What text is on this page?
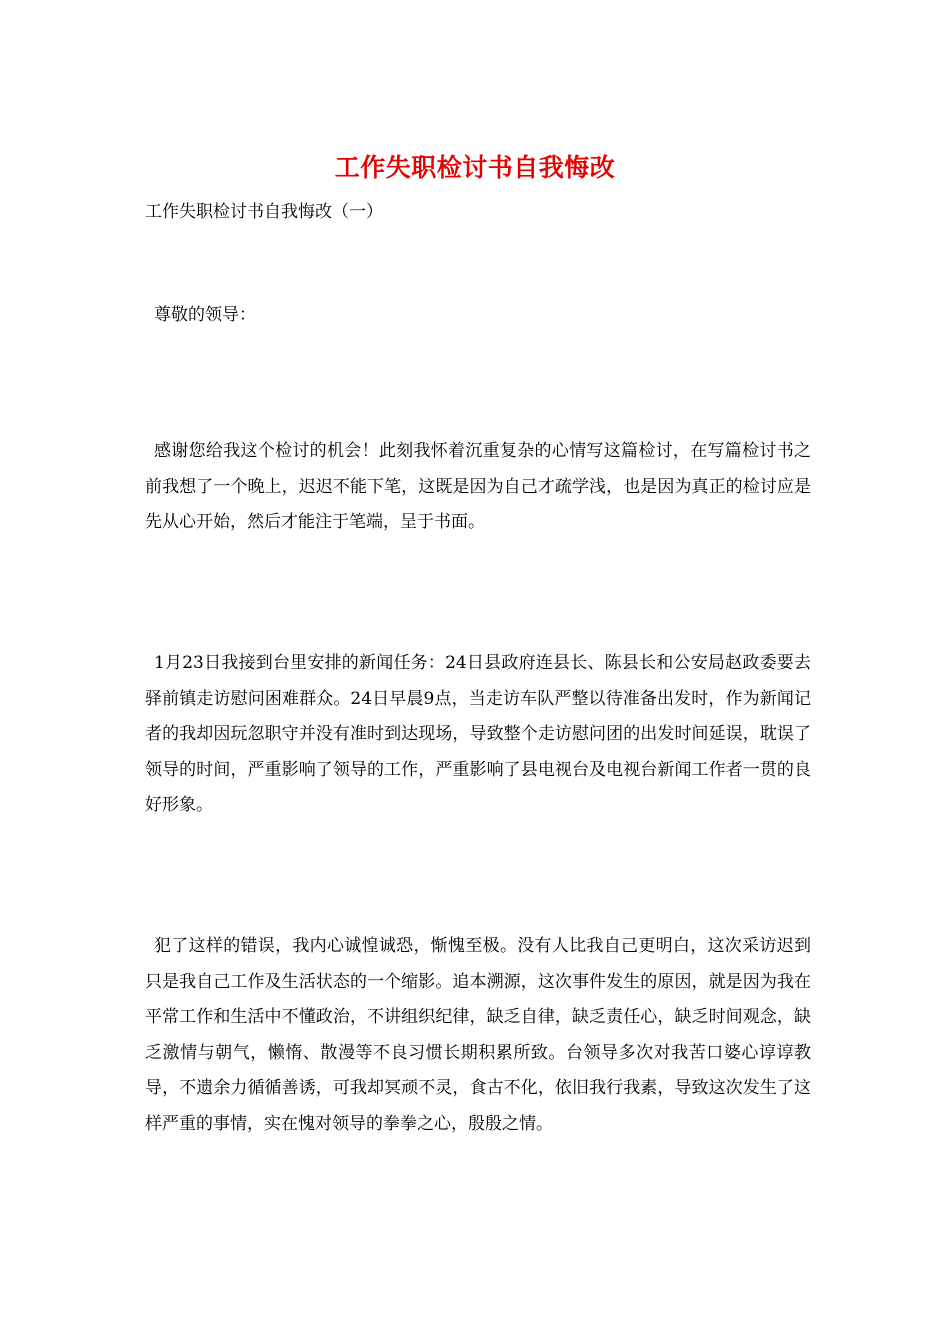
工作失职检讨书自我悔改
工作失职检讨书自我悔改（一）
尊敬的领导：
感谢您给我这个检讨的机会！此刻我怀着沉重复杂的心情写这篇检讨，在写篇检讨书之前我想了一个晚上，迟迟不能下笔，这既是因为自己才疏学浅，也是因为真正的检讨应是先从心开始，然后才能注于笔端，呈于书面。
1月23日我接到台里安排的新闻任务：24日县政府连县长、陈县长和公安局赵政委要去驿前镇走访慰问困难群众。24日早晨9点，当走访车队严整以待准备出发时，作为新闻记者的我却因玩忽职守并没有准时到达现场，导致整个走访慰问团的出发时间延误，耽误了领导的时间，严重影响了领导的工作，严重影响了县电视台及电视台新闻工作者一贯的良好形象。
犯了这样的错误，我内心诚惶诚恐，惭愧至极。没有人比我自己更明白，这次采访迟到只是我自己工作及生活状态的一个缩影。追本溯源，这次事件发生的原因，就是因为我在平常工作和生活中不懂政治，不讲组织纪律，缺乏自律，缺乏责任心，缺乏时间观念，缺乏激情与朝气，懒惰、散漫等不良习惯长期积累所致。台领导多次对我苦口婆心谆谆教导，不遗余力循循善诱，可我却冥顽不灵，食古不化，依旧我行我素，导致这次发生了这样严重的事情，实在愧对领导的拳拳之心，殷殷之情。
